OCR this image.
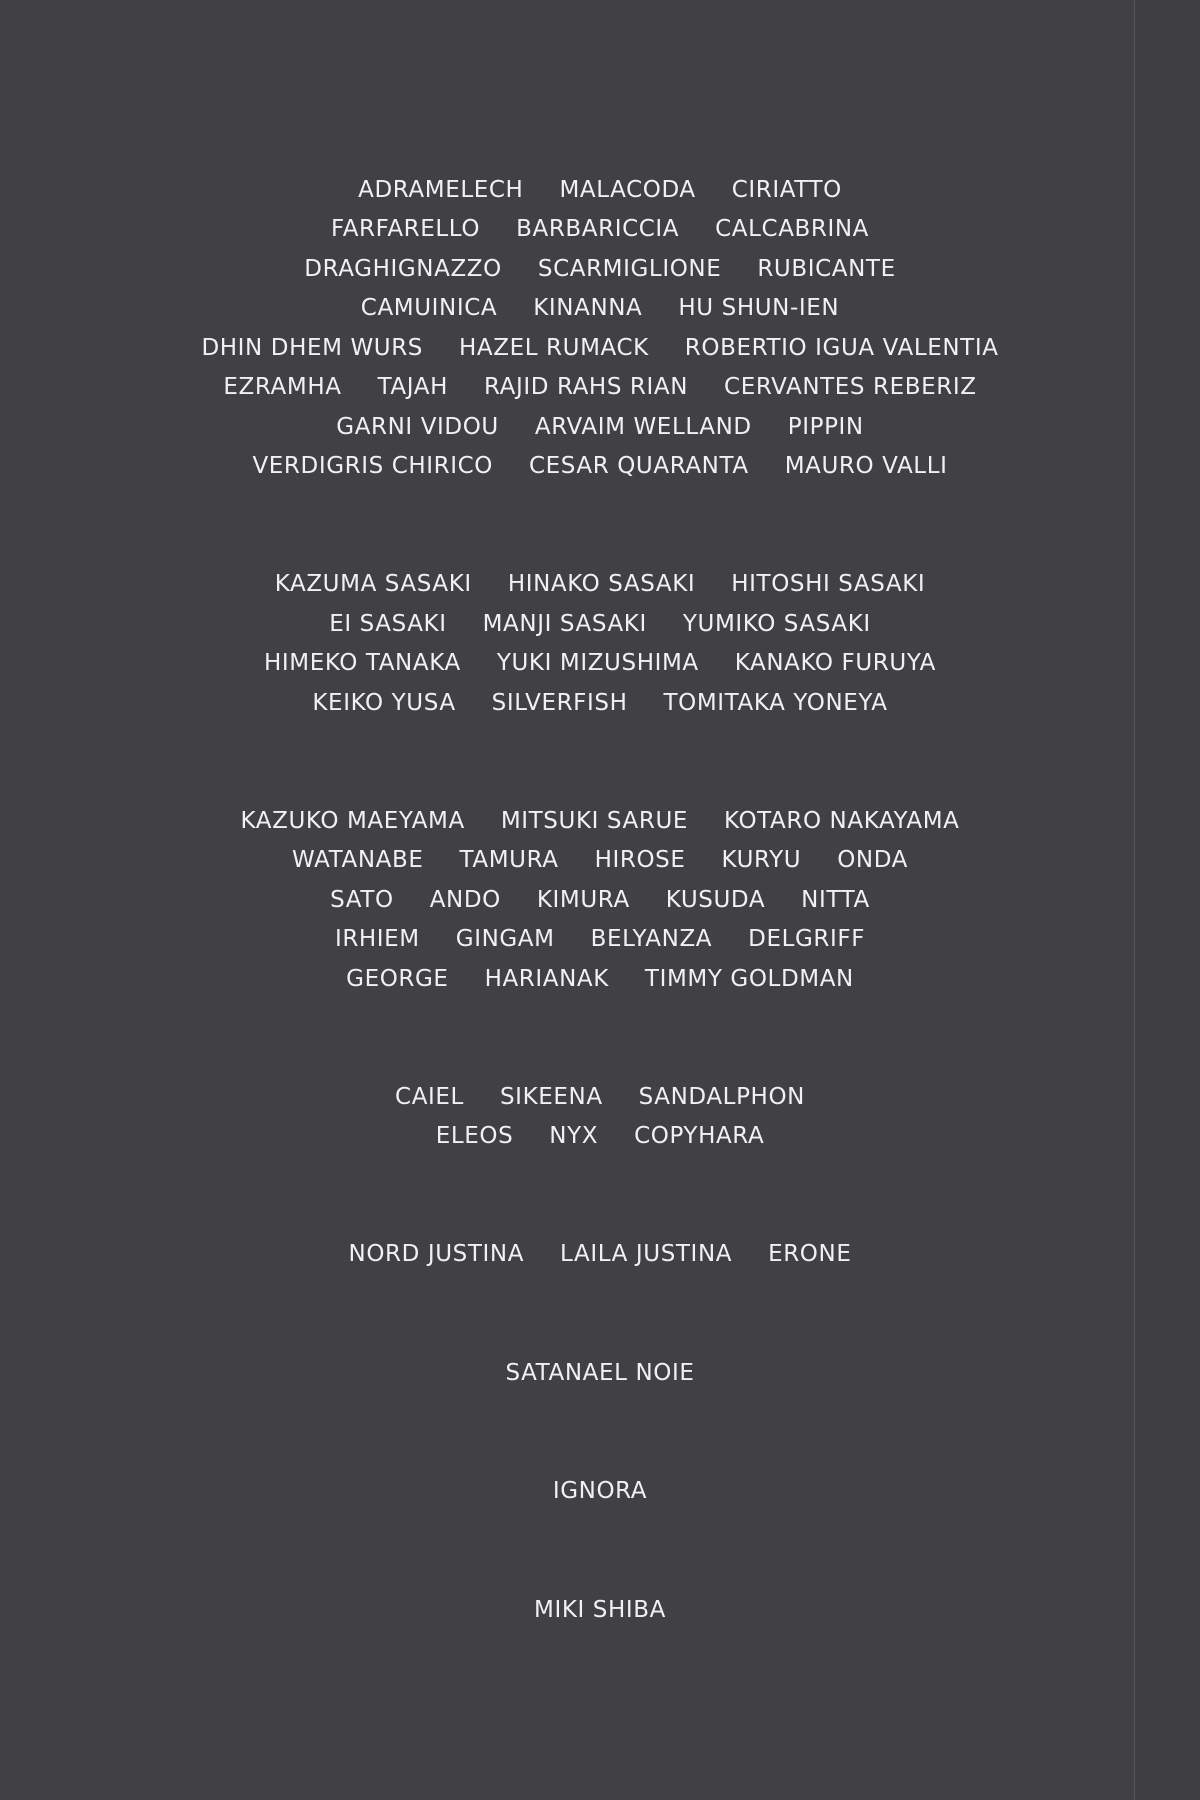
ADRAMELECH MALACODA CIRIATTO
FARFARELLO BARBARICCIA CALCABRINA
DRAGHIGNAZZO SCARMIGLIONE RUBICANTE
CAMUINICA KINANNA HU SHUN-IEN
DHIN DHEM WURS HAZEL RUMACK ROBERTIO IGUA VALENTIA
EZRAMHA TAJAH RAJID RAHS RIAN CERVANTES REBERIZ
GARNI VIDOU ARVAIM WELLAND PIPPIN
VERDIGRIS CHIRICO CESAR QUARANTA MAURO VALLI
KAZUMA SASAKI HINAKO SASAKI HITOSHI SASAKI
EI SASAKI MANJI SASAKI YUMIKO SASAKI
HIMEKO TANAKA YUKI MIZUSHIMA KANAKO FURUYA
KEIKO YUSA SILVERFISH TOMITAKA YONEYA
KAZUKO MAEYAMA MITSUKI SARUE KOTARO NAKAYAMA
WATANABE TAMURA HIROSE KURYU ONDA
SATO ANDO KIMURA KUSUDA NITTA
IRHIEM GINGAM BELYANZA DELGRIFF
GEORGE HARIANAK TIMMY GOLDMAN
CAIEL SIKEENA SANDALPHON
ELEOS NYX COPYHARA
NORD JUSTINA LAILA JUSTINA ERONE
SATANAEL NOIE
IGNORA
MIKI SHIBA
